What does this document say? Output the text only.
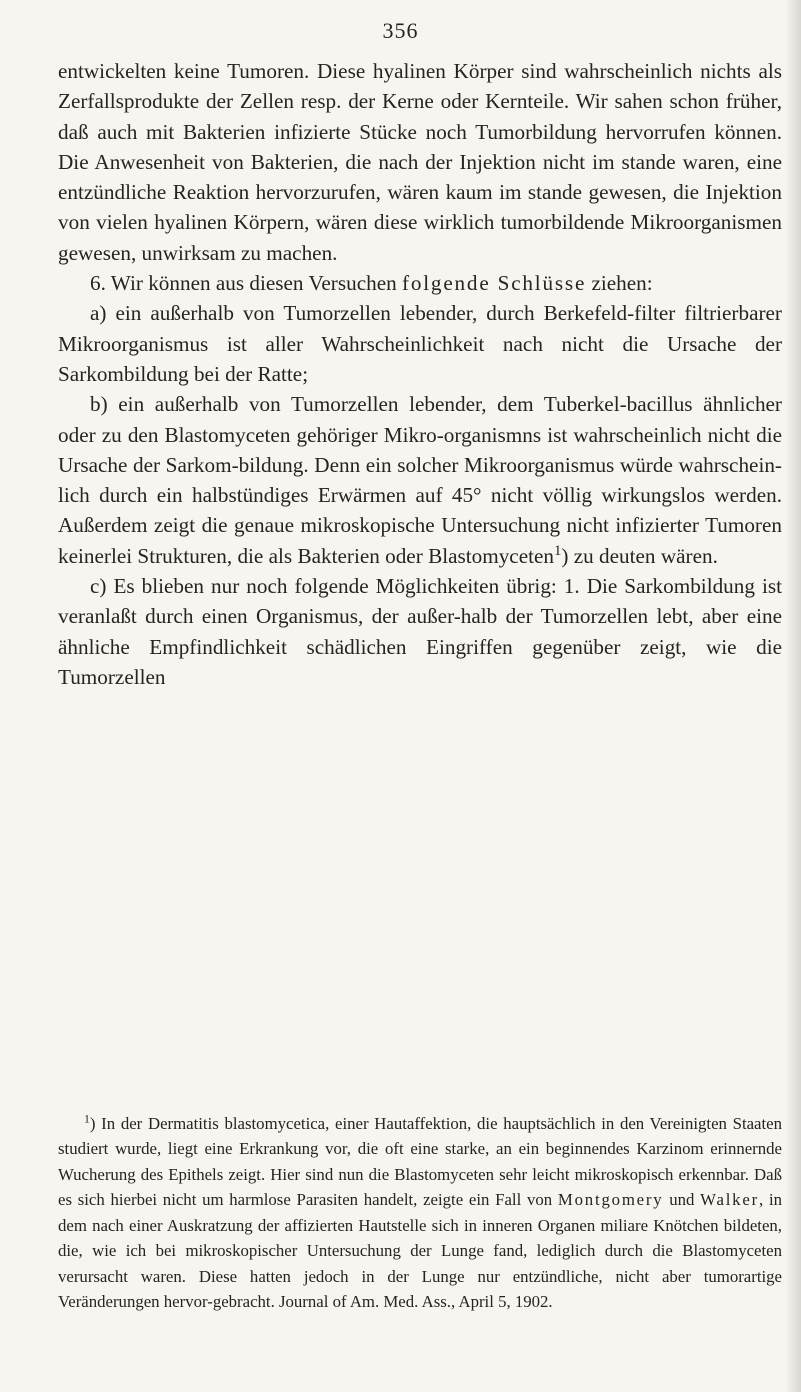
356

entwickelten keine Tumoren. Diese hyalinen Körper sind wahrscheinlich nichts als Zerfallsprodukte der Zellen resp. der Kerne oder Kernteile. Wir sahen schon früher, daß auch mit Bakterien infizierte Stücke noch Tumorbildung hervorrufen können. Die Anwesenheit von Bakterien, die nach der Injektion nicht im stande waren, eine entzündliche Reaktion hervorzurufen, wären kaum im stande gewesen, die Injektion von vielen hyalinen Körpern, wären diese wirklich tumorbildende Mikroorganismen gewesen, unwirksam zu machen.

6. Wir können aus diesen Versuchen folgende Schlüsse ziehen:

a) ein außerhalb von Tumorzellen lebender, durch Berkefeld-filter filtrierbarer Mikroorganismus ist aller Wahrscheinlichkeit nach nicht die Ursache der Sarkombildung bei der Ratte;

b) ein außerhalb von Tumorzellen lebender, dem Tuberkel-bacillus ähnlicher oder zu den Blastomyceten gehöriger Mikro-organismns ist wahrscheinlich nicht die Ursache der Sarkom-bildung. Denn ein solcher Mikroorganismus würde wahrschein-lich durch ein halbstündiges Erwärmen auf 45° nicht völlig wirkungslos werden. Außerdem zeigt die genaue mikroskopische Untersuchung nicht infizierter Tumoren keinerlei Strukturen, die als Bakterien oder Blastomyceten$^1$) zu deuten wären.

c) Es blieben nur noch folgende Möglichkeiten übrig: 1. Die Sarkombildung ist veranlaßt durch einen Organismus, der außer-halb der Tumorzellen lebt, aber eine ähnliche Empfindlichkeit schädlichen Eingriffen gegenüber zeigt, wie die Tumorzellen

$^1$) In der Dermatitis blastomycetica, einer Hautaffektion, die hauptsächlich in den Vereinigten Staaten studiert wurde, liegt eine Erkrankung vor, die oft eine starke, an ein beginnendes Karzinom erinnernde Wucherung des Epithels zeigt. Hier sind nun die Blastomyceten sehr leicht mikroskopisch erkennbar. Daß es sich hierbei nicht um harmlose Parasiten handelt, zeigte ein Fall von Montgomery und Walker, in dem nach einer Auskratzung der affizierten Hautstelle sich in inneren Organen miliare Knötchen bildeten, die, wie ich bei mikroskopischer Untersuchung der Lunge fand, lediglich durch die Blastomyceten verursacht waren. Diese hatten jedoch in der Lunge nur entzündliche, nicht aber tumorartige Veränderungen hervor-gebracht. Journal of Am. Med. Ass., April 5, 1902.
